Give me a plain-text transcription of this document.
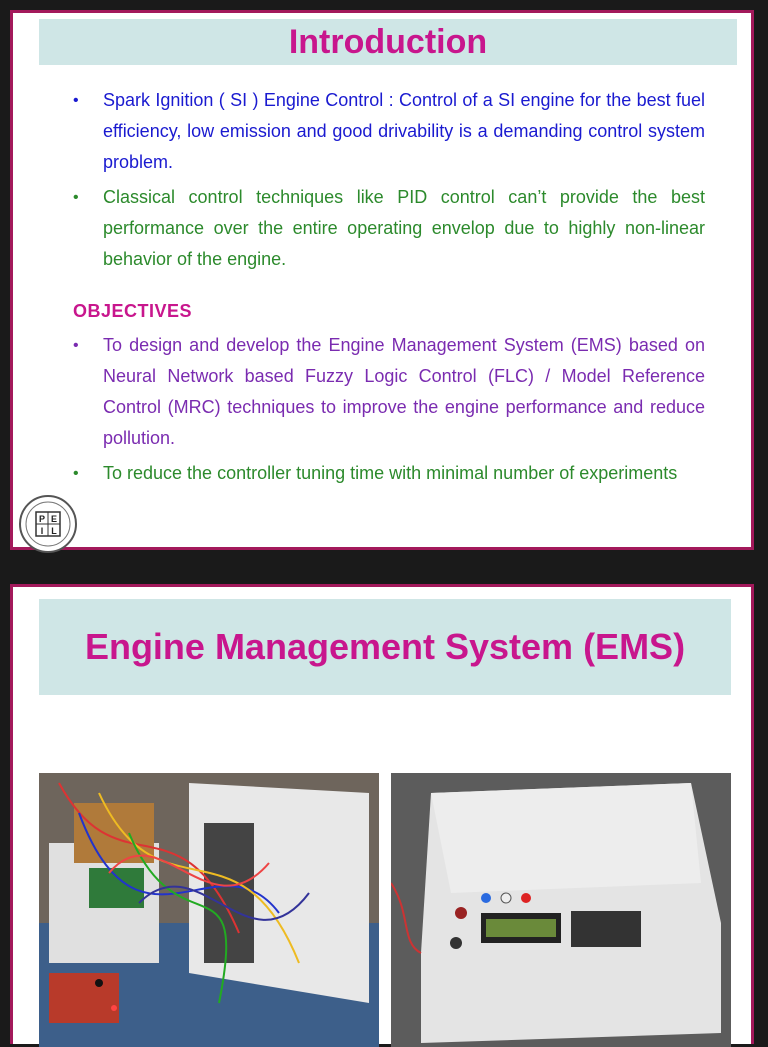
Introduction
• Spark Ignition ( SI ) Engine Control : Control of a SI engine for the best fuel efficiency, low emission and good drivability is a demanding control system problem.
• Classical control techniques like PID control can’t provide the best performance over the entire operating envelop due to highly non-linear behavior of the engine.
OBJECTIVES
• To design and develop the Engine Management System (EMS) based on Neural Network based Fuzzy Logic Control (FLC) / Model Reference Control (MRC) techniques to improve the engine performance and reduce pollution.
• To reduce the controller tuning time with minimal number of experiments
P E
I L
Engine Management System (EMS)
